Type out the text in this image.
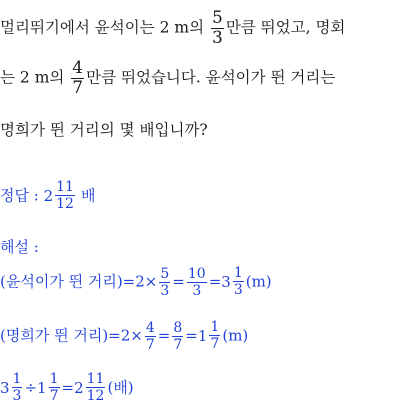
멀리뛰기에서 윤석이는 2 m의 $\frac{5}{3}$ 만큼 뛰었고, 명회
는 2 m의 $\frac{4}{7}$ 만큼 뛰었습니다. 윤석이가 뛴 거리는
명희가 뛴 거리의 몇 배입니까?
정답 : $2 \frac{11}{12}$ 배
해설 :
(윤석이가 뛴 거리)$=2\times \frac{5}{3} = \frac{10}{3} = 3 \frac{1}{3} (m)$
(명희가 뛴 거리)$=2\times \frac{4}{7} = \frac{8}{7} = 1 \frac{1}{7} (m)$
$3 \frac{1}{3} \div 1 \frac{1}{7} = 2 \frac{11}{12}$ (배)
